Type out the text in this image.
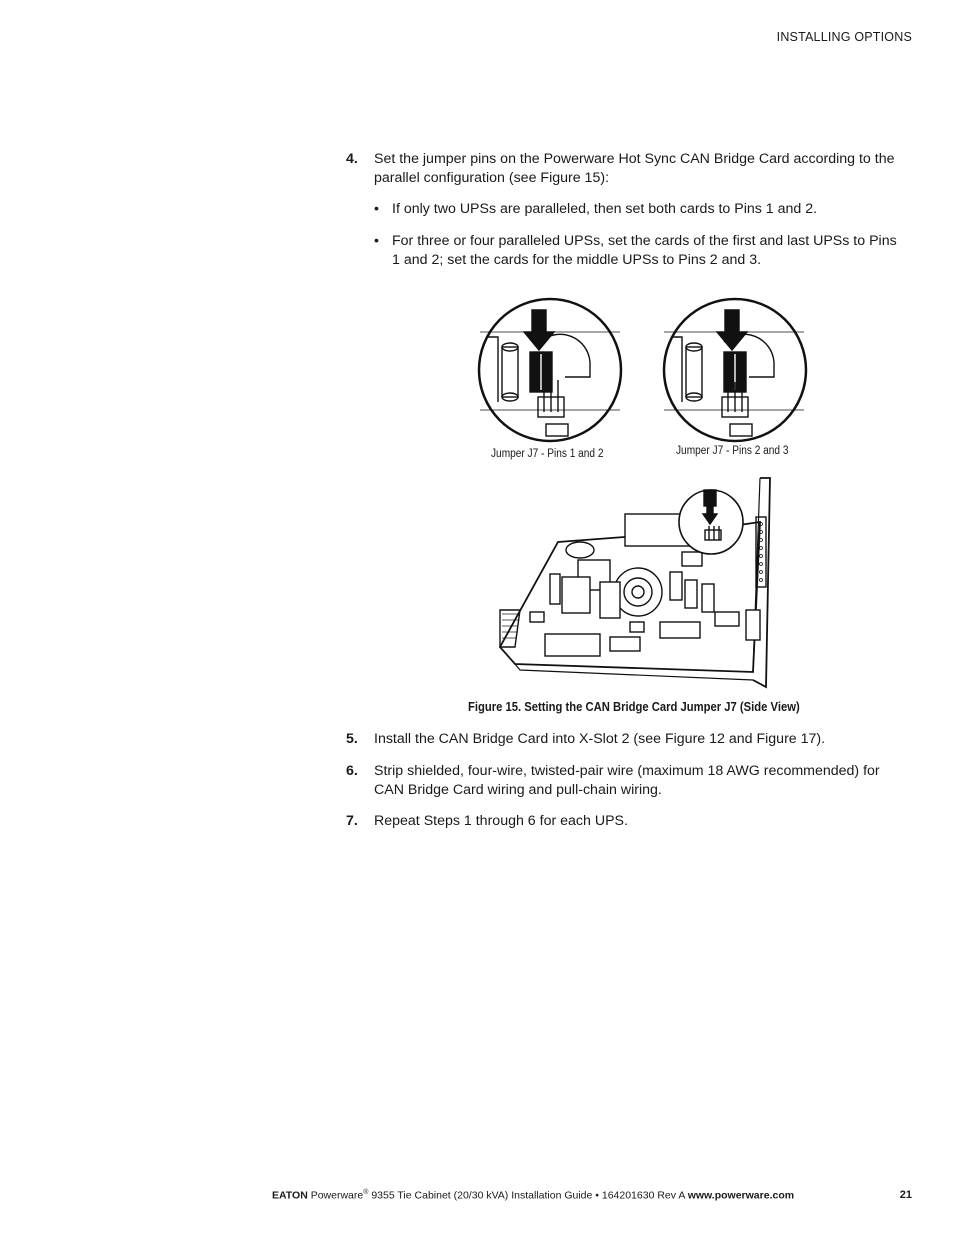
INSTALLING OPTIONS
4. Set the jumper pins on the Powerware Hot Sync CAN Bridge Card according to the parallel configuration (see Figure 15):
• If only two UPSs are paralleled, then set both cards to Pins 1 and 2.
• For three or four paralleled UPSs, set the cards of the first and last UPSs to Pins 1 and 2; set the cards for the middle UPSs to Pins 2 and 3.
Jumper J7 - Pins 1 and 2	Jumper J7 - Pins 2 and 3
Figure 15. Setting the CAN Bridge Card Jumper J7 (Side View)
5. Install the CAN Bridge Card into X-Slot 2 (see Figure 12 and Figure 17).
6. Strip shielded, four-wire, twisted-pair wire (maximum 18 AWG recommended) for CAN Bridge Card wiring and pull-chain wiring.
7. Repeat Steps 1 through 6 for each UPS.
EATON Powerware® 9355 Tie Cabinet (20/30 kVA) Installation Guide • 164201630 Rev A www.powerware.com	21
